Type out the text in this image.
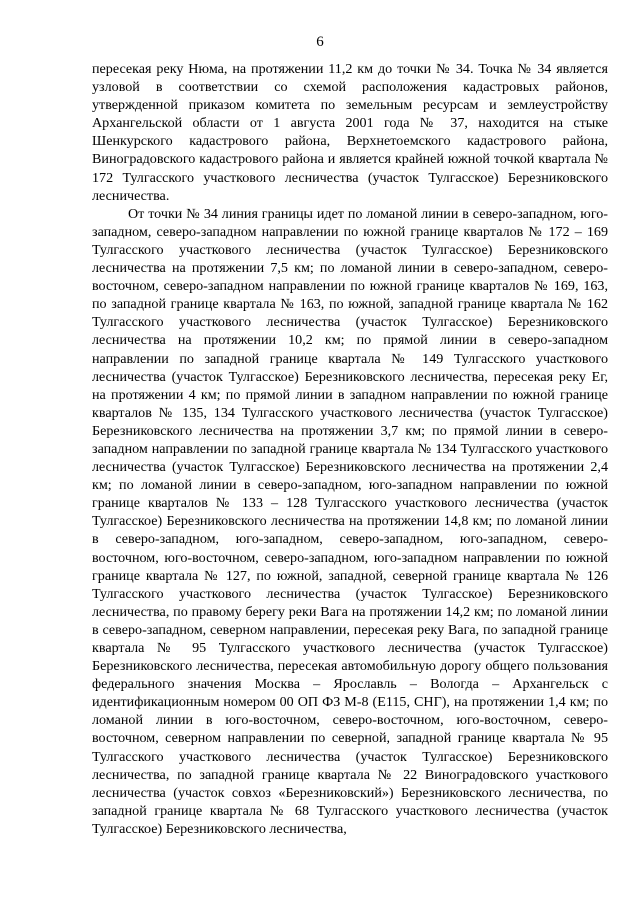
6

пересекая реку Нюма, на протяжении 11,2 км до точки № 34. Точка № 34 является узловой в соответствии со схемой расположения кадастровых районов, утвержденной приказом комитета по земельным ресурсам и землеустройству Архангельской области от 1 августа 2001 года № 37, находится на стыке Шенкурского кадастрового района, Верхнетоемского кадастрового района, Виноградовского кадастрового района и является крайней южной точкой квартала № 172 Тулгасского участкового лесничества (участок Тулгасское) Березниковского лесничества.

От точки № 34 линия границы идет по ломаной линии в северо-западном, юго-западном, северо-западном направлении по южной границе кварталов № 172 – 169 Тулгасского участкового лесничества (участок Тулгасское) Березниковского лесничества на протяжении 7,5 км; по ломаной линии в северо-западном, северо-восточном, северо-западном направлении по южной границе кварталов № 169, 163, по западной границе квартала № 163, по южной, западной границе квартала № 162 Тулгасского участкового лесничества (участок Тулгасское) Березниковского лесничества на протяжении 10,2 км; по прямой линии в северо-западном направлении по западной границе квартала № 149 Тулгасского участкового лесничества (участок Тулгасское) Березниковского лесничества, пересекая реку Ег, на протяжении 4 км; по прямой линии в западном направлении по южной границе кварталов № 135, 134 Тулгасского участкового лесничества (участок Тулгасское) Березниковского лесничества на протяжении 3,7 км; по прямой линии в северо-западном направлении по западной границе квартала № 134 Тулгасского участкового лесничества (участок Тулгасское) Березниковского лесничества на протяжении 2,4 км; по ломаной линии в северо-западном, юго-западном направлении по южной границе кварталов № 133 – 128 Тулгасского участкового лесничества (участок Тулгасское) Березниковского лесничества на протяжении 14,8 км; по ломаной линии в северо-западном, юго-западном, северо-западном, юго-западном, северо-восточном, юго-восточном, северо-западном, юго-западном направлении по южной границе квартала № 127, по южной, западной, северной границе квартала № 126 Тулгасского участкового лесничества (участок Тулгасское) Березниковского лесничества, по правому берегу реки Вага на протяжении 14,2 км; по ломаной линии в северо-западном, северном направлении, пересекая реку Вага, по западной границе квартала № 95 Тулгасского участкового лесничества (участок Тулгасское) Березниковского лесничества, пересекая автомобильную дорогу общего пользования федерального значения Москва – Ярославль – Вологда – Архангельск с идентификационным номером 00 ОП ФЗ М-8 (Е115, СНГ), на протяжении 1,4 км; по ломаной линии в юго-восточном, северо-восточном, юго-восточном, северо-восточном, северном направлении по северной, западной границе квартала № 95 Тулгасского участкового лесничества (участок Тулгасское) Березниковского лесничества, по западной границе квартала № 22 Виноградовского участкового лесничества (участок совхоз «Березниковский») Березниковского лесничества, по западной границе квартала № 68 Тулгасского участкового лесничества (участок Тулгасское) Березниковского лесничества,
